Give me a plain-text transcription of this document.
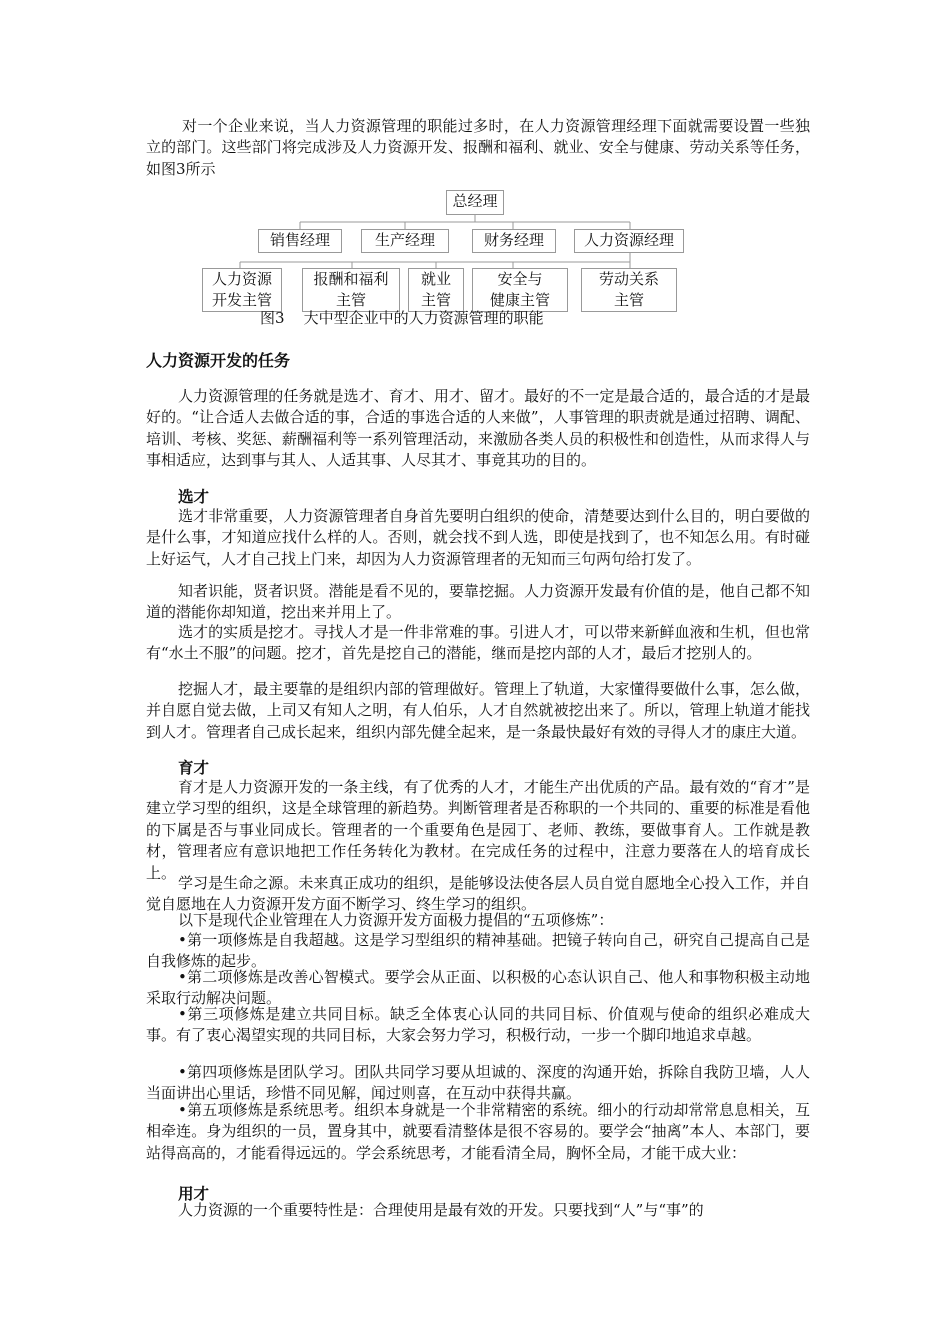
对一个企业来说，当人力资源管理的职能过多时，在人力资源管理经理下面就需要设置一些独立的部门。这些部门将完成涉及人力资源开发、报酬和福利、就业、安全与健康、劳动关系等任务，如图3所示

总经理
销售经理	生产经理	财务经理	人力资源经理
人力资源
开发主管
报酬和福利
主管
就业
主管
安全与
健康主管
劳动关系
主管
图3    大中型企业中的人力资源管理的职能
人力资源开发的任务

人力资源管理的任务就是选才、育才、用才、留才。最好的不一定是最合适的，最合适的才是最好的。“让合适人去做合适的事，合适的事选合适的人来做”，人事管理的职责就是通过招聘、调配、培训、考核、奖惩、薪酬福利等一系列管理活动，来激励各类人员的积极性和创造性，从而求得人与事相适应，达到事与其人、人适其事、人尽其才、事竟其功的目的。

选才

选才非常重要，人力资源管理者自身首先要明白组织的使命，清楚要达到什么目的，明白要做的是什么事，才知道应找什么样的人。否则，就会找不到人选，即使是找到了，也不知怎么用。有时碰上好运气，人才自己找上门来，却因为人力资源管理者的无知而三句两句给打发了。

知者识能，贤者识贤。潜能是看不见的，要靠挖掘。人力资源开发最有价值的是，他自己都不知道的潜能你却知道，挖出来并用上了。

选才的实质是挖才。寻找人才是一件非常难的事。引进人才，可以带来新鲜血液和生机，但也常有“水土不服”的问题。挖才，首先是挖自己的潜能，继而是挖内部的人才，最后才挖别人的。

挖掘人才，最主要靠的是组织内部的管理做好。管理上了轨道，大家懂得要做什么事，怎么做，并自愿自觉去做，上司又有知人之明，有人伯乐，人才自然就被挖出来了。所以，管理上轨道才能找到人才。管理者自己成长起来，组织内部先健全起来，是一条最快最好有效的寻得人才的康庄大道。

育才

育才是人力资源开发的一条主线，有了优秀的人才，才能生产出优质的产品。最有效的“育才”是建立学习型的组织，这是全球管理的新趋势。判断管理者是否称职的一个共同的、重要的标准是看他的下属是否与事业同成长。管理者的一个重要角色是园丁、老师、教练，要做事育人。工作就是教材，管理者应有意识地把工作任务转化为教材。在完成任务的过程中，注意力要落在人的培育成长上。

学习是生命之源。未来真正成功的组织，是能够设法使各层人员自觉自愿地全心投入工作，并自觉自愿地在人力资源开发方面不断学习、终生学习的组织。

以下是现代企业管理在人力资源开发方面极力提倡的“五项修炼”：

•第一项修炼是自我超越。这是学习型组织的精神基础。把镜子转向自己，研究自己提高自己是自我修炼的起步。

•第二项修炼是改善心智模式。要学会从正面、以积极的心态认识自己、他人和事物积极主动地采取行动解决问题。

•第三项修炼是建立共同目标。缺乏全体衷心认同的共同目标、价值观与使命的组织必难成大事。有了衷心渴望实现的共同目标，大家会努力学习，积极行动，一步一个脚印地追求卓越。

•第四项修炼是团队学习。团队共同学习要从坦诚的、深度的沟通开始，拆除自我防卫墙，人人当面讲出心里话，珍惜不同见解，闻过则喜，在互动中获得共赢。

•第五项修炼是系统思考。组织本身就是一个非常精密的系统。细小的行动却常常息息相关，互相牵连。身为组织的一员，置身其中，就要看清整体是很不容易的。要学会“抽离”本人、本部门，要站得高高的，才能看得远远的。学会系统思考，才能看清全局，胸怀全局，才能干成大业：

用才

人力资源的一个重要特性是：合理使用是最有效的开发。只要找到“人”与“事”的
